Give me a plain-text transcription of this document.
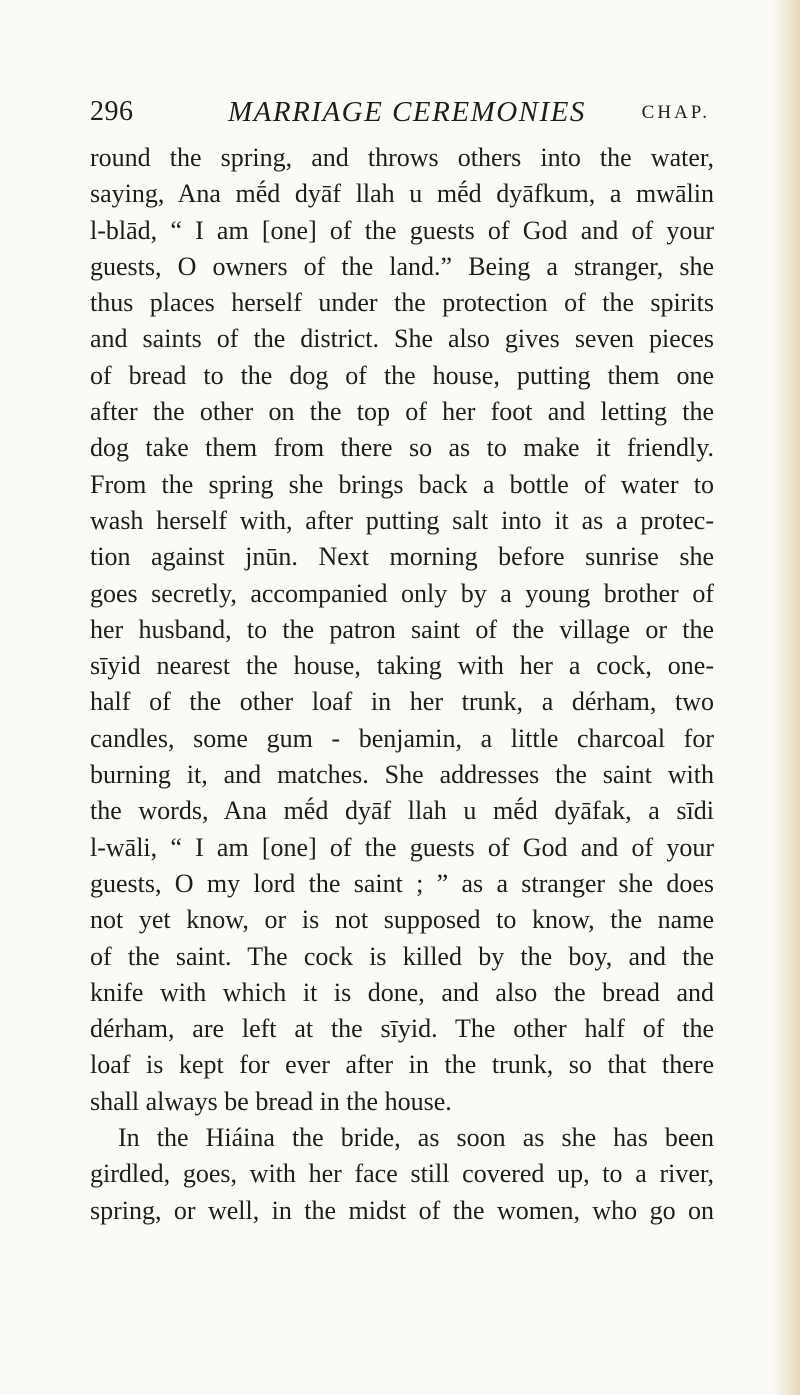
296	MARRIAGE CEREMONIES	CHAP.
round the spring, and throws others into the water,
saying, Ana mḗd dyāf llah u mḗd dyāfkum, a mwālin
l-blād, “ I am [one] of the guests of God and of your
guests, O owners of the land.” Being a stranger, she
thus places herself under the protection of the spirits
and saints of the district. She also gives seven pieces
of bread to the dog of the house, putting them one
after the other on the top of her foot and letting the
dog take them from there so as to make it friendly.
From the spring she brings back a bottle of water to
wash herself with, after putting salt into it as a protec-
tion against jnūn. Next morning before sunrise she
goes secretly, accompanied only by a young brother of
her husband, to the patron saint of the village or the
sīyid nearest the house, taking with her a cock, one-
half of the other loaf in her trunk, a dérham, two
candles, some gum - benjamin, a little charcoal for
burning it, and matches. She addresses the saint with
the words, Ana mḗd dyāf llah u mḗd dyāfak, a sīdi
l-wāli, “ I am [one] of the guests of God and of your
guests, O my lord the saint ; ” as a stranger she does
not yet know, or is not supposed to know, the name
of the saint. The cock is killed by the boy, and the
knife with which it is done, and also the bread and
dérham, are left at the sīyid. The other half of the
loaf is kept for ever after in the trunk, so that there
shall always be bread in the house.
In the Hiáina the bride, as soon as she has been
girdled, goes, with her face still covered up, to a river,
spring, or well, in the midst of the women, who go on
